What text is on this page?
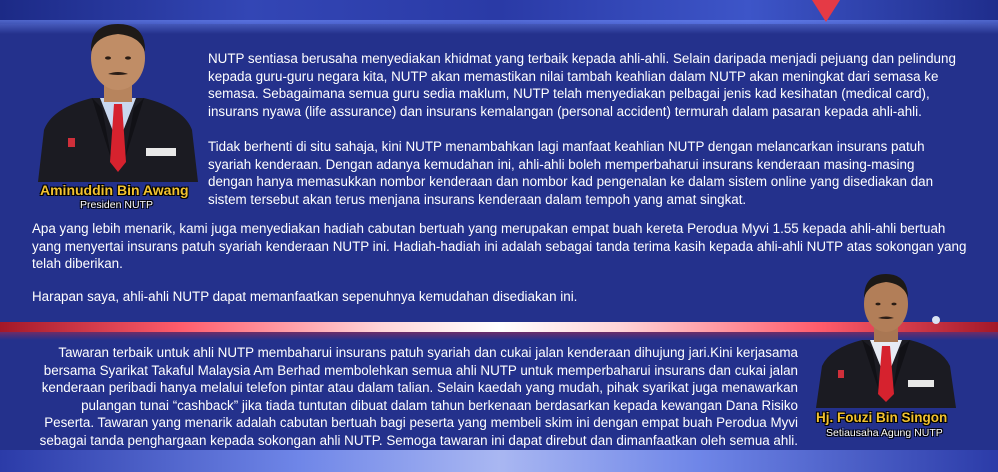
Aminuddin Bin Awang
Presiden NUTP

NUTP sentiasa berusaha menyediakan khidmat yang terbaik kepada ahli-ahli. Selain daripada menjadi pejuang dan pelindung kepada guru-guru negara kita, NUTP akan memastikan nilai tambah keahlian dalam NUTP akan meningkat dari semasa ke semasa. Sebagaimana semua guru sedia maklum, NUTP telah menyediakan pelbagai jenis kad kesihatan (medical card), insurans nyawa (life assurance) dan insurans kemalangan (personal accident) termurah dalam pasaran kepada ahli-ahli.

Tidak berhenti di situ sahaja, kini NUTP menambahkan lagi manfaat keahlian NUTP dengan melancarkan insurans patuh syariah kenderaan. Dengan adanya kemudahan ini, ahli-ahli boleh memperbaharui insurans kenderaan masing-masing dengan hanya memasukkan nombor kenderaan dan nombor kad pengenalan ke dalam sistem online yang disediakan dan sistem tersebut akan terus menjana insurans kenderaan dalam tempoh yang amat singkat.

Apa yang lebih menarik, kami juga menyediakan hadiah cabutan bertuah yang merupakan empat buah kereta Perodua Myvi 1.55 kepada ahli-ahli bertuah yang menyertai insurans patuh syariah kenderaan NUTP ini. Hadiah-hadiah ini adalah sebagai tanda terima kasih kepada ahli-ahli NUTP atas sokongan yang telah diberikan.

Harapan saya, ahli-ahli NUTP dapat memanfaatkan sepenuhnya kemudahan disediakan ini.

Tawaran terbaik untuk ahli NUTP membaharui insurans patuh syariah dan cukai jalan kenderaan dihujung jari.Kini kerjasama bersama Syarikat Takaful Malaysia Am Berhad membolehkan semua ahli NUTP untuk memperbaharui insurans dan cukai jalan kenderaan peribadi hanya melalui telefon pintar atau dalam talian. Selain kaedah yang mudah, pihak syarikat juga menawarkan pulangan tunai “cashback” jika tiada tuntutan dibuat dalam tahun berkenaan berdasarkan kepada kewangan Dana Risiko Peserta. Tawaran yang menarik adalah cabutan bertuah bagi peserta yang membeli skim ini dengan empat buah Perodua Myvi sebagai tanda penghargaan kepada sokongan ahli NUTP. Semoga tawaran ini dapat direbut dan dimanfaatkan oleh semua ahli.

Hj. Fouzi Bin Singon
Setiausaha Agung NUTP
